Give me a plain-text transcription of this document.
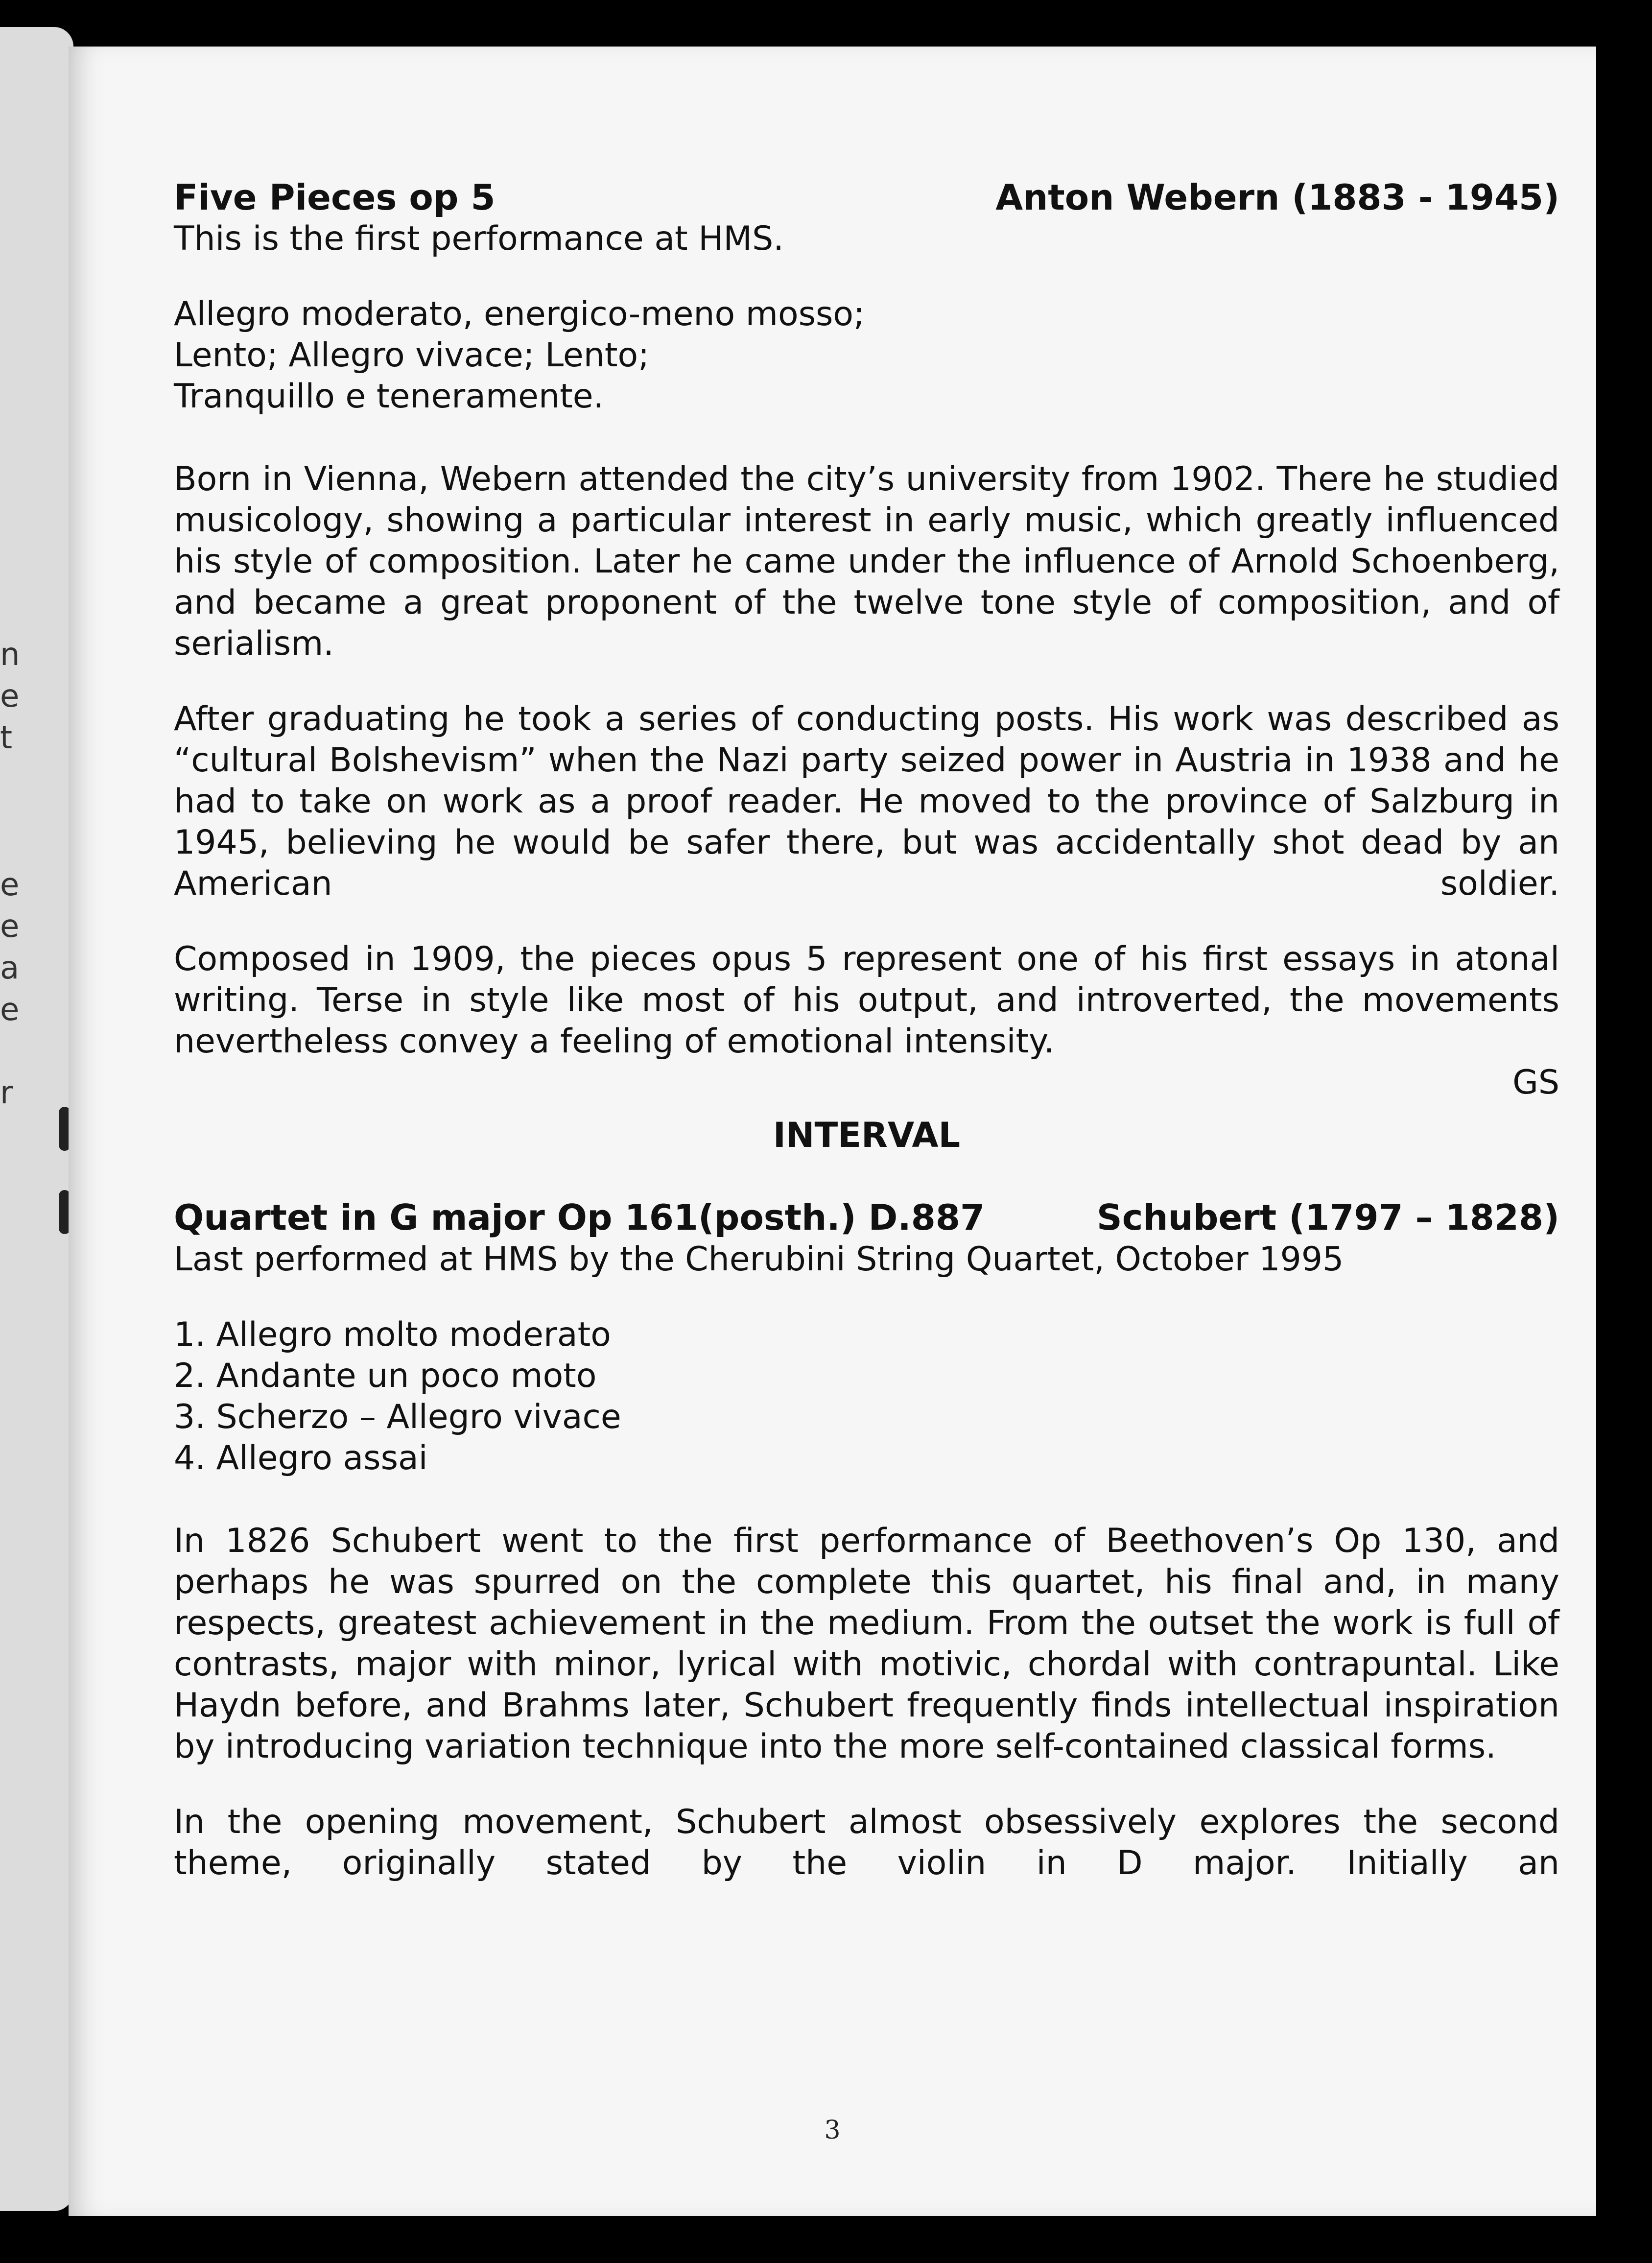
n
e
t
e
e
a
e
r
Five Pieces op 5	Anton Webern (1883 - 1945)

This is the first performance at HMS.

Allegro moderato, energico-meno mosso;

Lento; Allegro vivace; Lento;

Tranquillo e teneramente.

Born in Vienna, Webern attended the city’s university from 1902. There he studied musicology, showing a particular interest in early music, which greatly influenced his style of composition. Later he came under the influence of Arnold Schoenberg, and became a great proponent of the twelve tone style of composition, and of serialism.

After graduating he took a series of conducting posts. His work was described as “cultural Bolshevism” when the Nazi party seized power in Austria in 1938 and he had to take on work as a proof reader. He moved to the province of Salzburg in 1945, believing he would be safer there, but was accidentally shot dead by an American soldier.

Composed in 1909, the pieces opus 5 represent one of his first essays in atonal writing. Terse in style like most of his output, and introverted, the movements nevertheless convey a feeling of emotional intensity.

GS
INTERVAL
Quartet in G major Op 161(posth.) D.887	Schubert (1797 – 1828)

Last performed at HMS by the Cherubini String Quartet, October 1995

1. Allegro molto moderato
2. Andante un poco moto
3. Scherzo – Allegro vivace
4. Allegro assai

In 1826 Schubert went to the first performance of Beethoven’s Op 130, and perhaps he was spurred on the complete this quartet, his final and, in many respects, greatest achievement in the medium. From the outset the work is full of contrasts, major with minor, lyrical with motivic, chordal with contrapuntal. Like Haydn before, and Brahms later, Schubert frequently finds intellectual inspiration by introducing variation technique into the more self-contained classical forms.

In the opening movement, Schubert almost obsessively explores the second theme, originally stated by the violin in D major. Initially an

3
